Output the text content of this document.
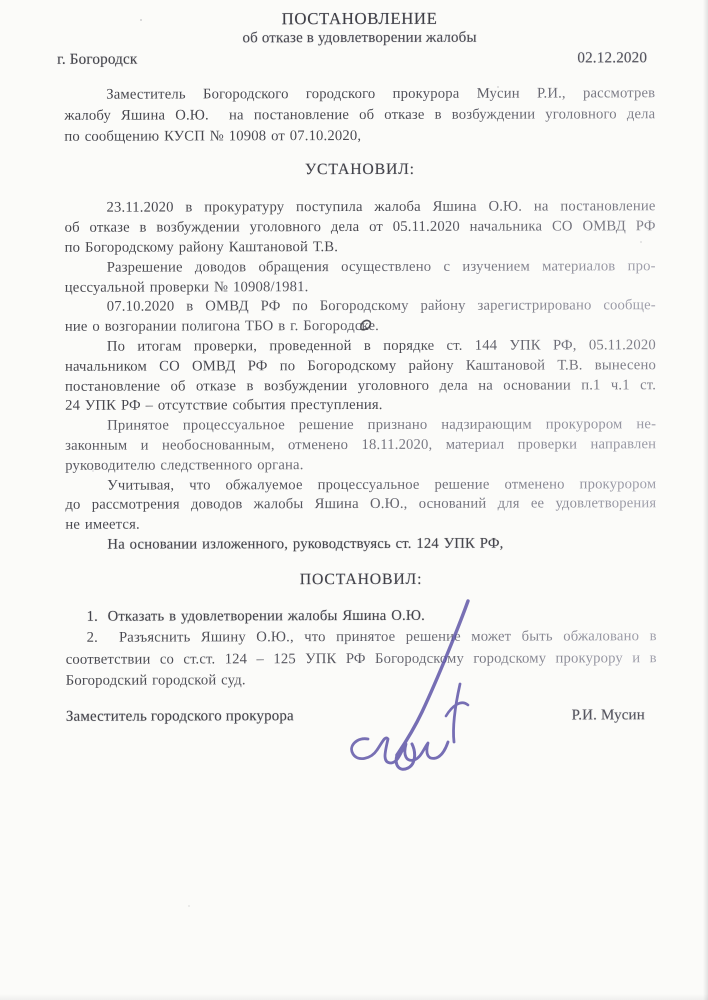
ПОСТАНОВЛЕНИЕ
об отказе в удовлетворении жалобы
г. Богородск	02.12.2020
Заместитель Богородского городского прокурора Мусин Р.И., рассмотрев
жалобу Яшина О.Ю.  на постановление об отказе в возбуждении уголовного дела
по сообщению КУСП № 10908 от 07.10.2020,
УСТАНОВИЛ:
23.11.2020 в прокуратуру поступила жалоба Яшина О.Ю. на постановление
об отказе в возбуждении уголовного дела от 05.11.2020 начальника СО ОМВД РФ
по Богородскому району Каштановой Т.В.
Разрешение доводов обращения осуществлено с изучением материалов про-
цессуальной проверки № 10908/1981.
07.10.2020 в ОМВД РФ по Богородскому району зарегистрировано сообще-
ние о возгорании полигона ТБО в г. Богородске.
По итогам проверки, проведенной в порядке ст. 144 УПК РФ, 05.11.2020
начальником СО ОМВД РФ по Богородскому району Каштановой Т.В. вынесено
постановление об отказе в возбуждении уголовного дела на основании п.1 ч.1 ст.
24 УПК РФ – отсутствие события преступления.
Принятое процессуальное решение признано надзирающим прокурором не-
законным и необоснованным, отменено 18.11.2020, материал проверки направлен
руководителю следственного органа.
Учитывая, что обжалуемое процессуальное решение отменено прокурором
до рассмотрения доводов жалобы Яшина О.Ю., оснований для ее удовлетворения
не имеется.
На основании изложенного, руководствуясь ст. 124 УПК РФ,
ПОСТАНОВИЛ:
1.  Отказать в удовлетворении жалобы Яшина О.Ю.
2.  Разъяснить Яшину О.Ю., что принятое решение может быть обжаловано в
соответствии со ст.ст. 124 – 125 УПК РФ Богородскому городскому прокурору и в
Богородский городской суд.
Заместитель городского прокурора	Р.И. Мусин
